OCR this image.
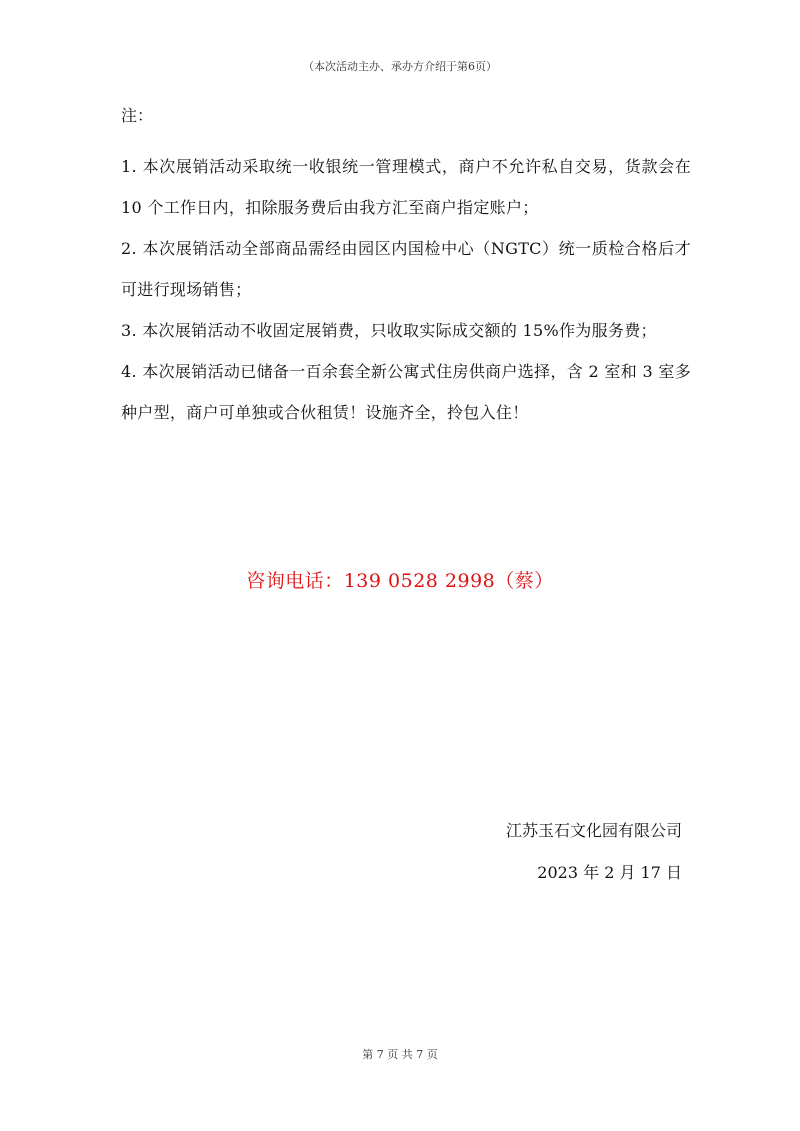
（本次活动主办、承办方介绍于第6页）
注：
1. 本次展销活动采取统一收银统一管理模式，商户不允许私自交易，货款会在 10 个工作日内，扣除服务费后由我方汇至商户指定账户；
2. 本次展销活动全部商品需经由园区内国检中心（NGTC）统一质检合格后才可进行现场销售；
3. 本次展销活动不收固定展销费，只收取实际成交额的 15%作为服务费；
4. 本次展销活动已储备一百余套全新公寓式住房供商户选择，含 2 室和 3 室多种户型，商户可单独或合伙租赁！设施齐全，拎包入住！
咨询电话：139 0528 2998（蔡）
江苏玉石文化园有限公司
2023 年 2 月 17 日
第 7 页 共 7 页
